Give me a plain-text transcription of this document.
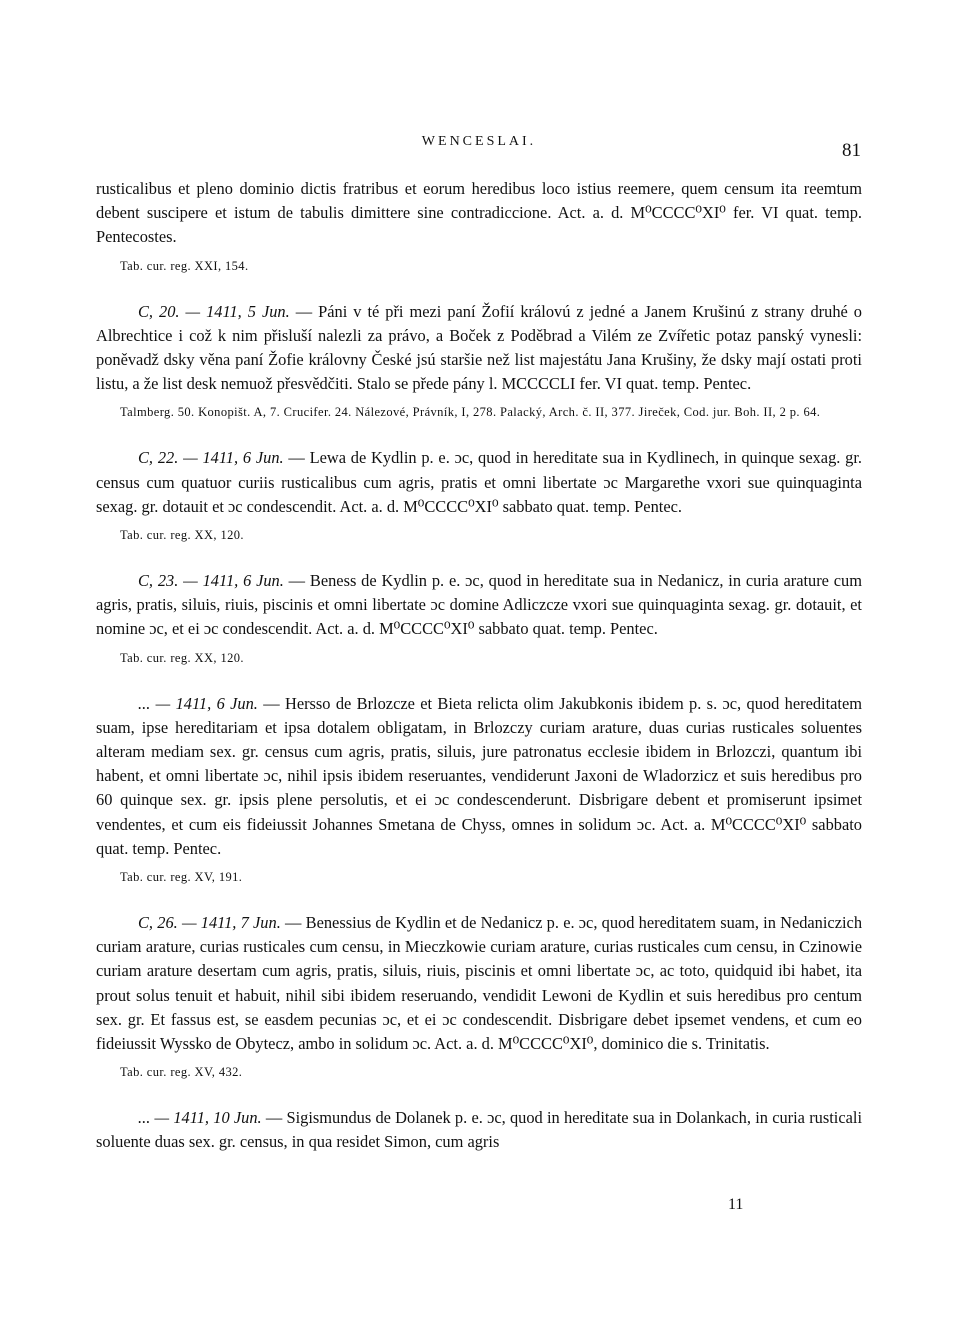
WENCESLAI.	81

rusticalibus et pleno dominio dictis fratribus et eorum heredibus loco istius reemere, quem censum ita reemtum debent suscipere et istum de tabulis dimittere sine contradiccione. Act. a. d. M⁰CCCC⁰XI⁰ fer. VI quat. temp. Pentecostes.

Tab. cur. reg. XXI, 154.

C, 20. — 1411, 5 Jun. — Páni v té při mezi paní Žofií královú z jedné a Janem Krušinú z strany druhé o Albrechtice i což k nim přisluší nalezli za právo, a Boček z Poděbrad a Vilém ze Zvířetic potaz panský vynesli: poněvadž dsky věna paní Žofie královny České jsú staršie než list majestátu Jana Krušiny, že dsky mají ostati proti listu, a že list desk nemuož přesvědčiti. Stalo se přede pány l. MCCCCLI fer. VI quat. temp. Pentec.

Talmberg. 50. Konopišt. A, 7. Crucifer. 24. Nálezové, Právník, I, 278. Palacký, Arch. č. II, 377. Jireček, Cod. jur. Boh. II, 2 p. 64.

C, 22. — 1411, 6 Jun. — Lewa de Kydlin p. e. ɔc, quod in hereditate sua in Kydlinech, in quinque sexag. gr. census cum quatuor curiis rusticalibus cum agris, pratis et omni libertate ɔc Margarethe vxori sue quinquaginta sexag. gr. dotauit et ɔc condescendit. Act. a. d. M⁰CCCC⁰XI⁰ sabbato quat. temp. Pentec.

Tab. cur. reg. XX, 120.

C, 23. — 1411, 6 Jun. — Beness de Kydlin p. e. ɔc, quod in hereditate sua in Nedanicz, in curia arature cum agris, pratis, siluis, riuis, piscinis et omni libertate ɔc domine Adliczcze vxori sue quinquaginta sexag. gr. dotauit, et nomine ɔc, et ei ɔc condescendit. Act. a. d. M⁰CCCC⁰XI⁰ sabbato quat. temp. Pentec.

Tab. cur. reg. XX, 120.

... — 1411, 6 Jun. — Hersso de Brlozcze et Bieta relicta olim Jakubkonis ibidem p. s. ɔc, quod hereditatem suam, ipse hereditariam et ipsa dotalem obligatam, in Brlozczy curiam arature, duas curias rusticales soluentes alteram mediam sex. gr. census cum agris, pratis, siluis, jure patronatus ecclesie ibidem in Brlozczi, quantum ibi habent, et omni libertate ɔc, nihil ipsis ibidem reseruantes, vendiderunt Jaxoni de Wladorzicz et suis heredibus pro 60 quinque sex. gr. ipsis plene persolutis, et ei ɔc condescenderunt. Disbrigare debent et promiserunt ipsimet vendentes, et cum eis fideiussit Johannes Smetana de Chyss, omnes in solidum ɔc. Act. a. M⁰CCCC⁰XI⁰ sabbato quat. temp. Pentec.

Tab. cur. reg. XV, 191.

C, 26. — 1411, 7 Jun. — Benessius de Kydlin et de Nedanicz p. e. ɔc, quod hereditatem suam, in Nedaniczich curiam arature, curias rusticales cum censu, in Mieczkowie curiam arature, curias rusticales cum censu, in Czinowie curiam arature desertam cum agris, pratis, siluis, riuis, piscinis et omni libertate ɔc, ac toto, quidquid ibi habet, ita prout solus tenuit et habuit, nihil sibi ibidem reseruando, vendidit Lewoni de Kydlin et suis heredibus pro centum sex. gr. Et fassus est, se easdem pecunias ɔc, et ei ɔc condescendit. Disbrigare debet ipsemet vendens, et cum eo fideiussit Wyssko de Obytecz, ambo in solidum ɔc. Act. a. d. M⁰CCCC⁰XI⁰, dominico die s. Trinitatis.

Tab. cur. reg. XV, 432.

... — 1411, 10 Jun. — Sigismundus de Dolanek p. e. ɔc, quod in hereditate sua in Dolankach, in curia rusticali soluente duas sex. gr. census, in qua residet Simon, cum agris

11
